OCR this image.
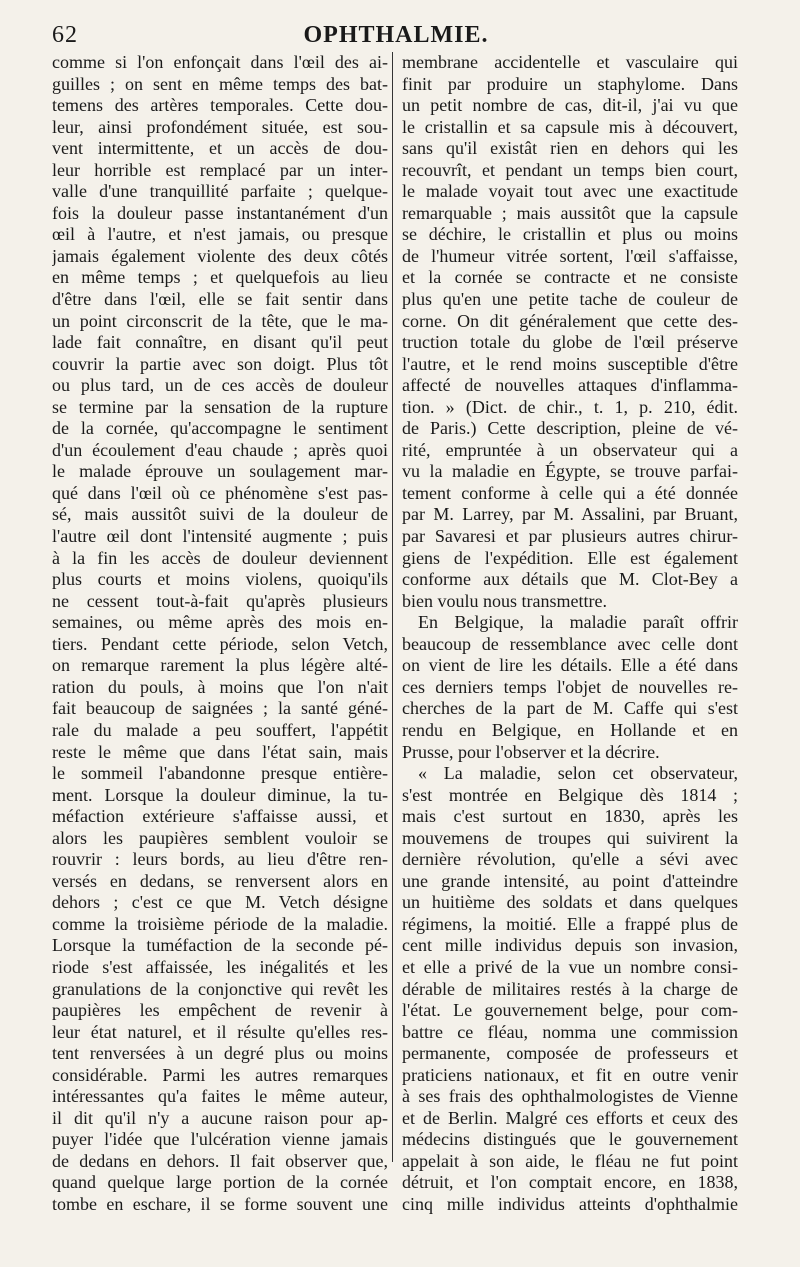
62	OPHTHALMIE.
comme si l'on enfonçait dans l'œil des ai-
guilles ; on sent en même temps des bat-
temens des artères temporales. Cette dou-
leur, ainsi profondément située, est sou-
vent intermittente, et un accès de dou-
leur horrible est remplacé par un inter-
valle d'une tranquillité parfaite ; quelque-
fois la douleur passe instantanément d'un
œil à l'autre, et n'est jamais, ou presque
jamais également violente des deux côtés
en même temps ; et quelquefois au lieu
d'être dans l'œil, elle se fait sentir dans
un point circonscrit de la tête, que le ma-
lade fait connaître, en disant qu'il peut
couvrir la partie avec son doigt. Plus tôt
ou plus tard, un de ces accès de douleur
se termine par la sensation de la rupture
de la cornée, qu'accompagne le sentiment
d'un écoulement d'eau chaude ; après quoi
le malade éprouve un soulagement mar-
qué dans l'œil où ce phénomène s'est pas-
sé, mais aussitôt suivi de la douleur de
l'autre œil dont l'intensité augmente ; puis
à la fin les accès de douleur deviennent
plus courts et moins violens, quoiqu'ils
ne cessent tout-à-fait qu'après plusieurs
semaines, ou même après des mois en-
tiers. Pendant cette période, selon Vetch,
on remarque rarement la plus légère alté-
ration du pouls, à moins que l'on n'ait
fait beaucoup de saignées ; la santé géné-
rale du malade a peu souffert, l'appétit
reste le même que dans l'état sain, mais
le sommeil l'abandonne presque entière-
ment. Lorsque la douleur diminue, la tu-
méfaction extérieure s'affaisse aussi, et
alors les paupières semblent vouloir se
rouvrir : leurs bords, au lieu d'être ren-
versés en dedans, se renversent alors en
dehors ; c'est ce que M. Vetch désigne
comme la troisième période de la maladie.
Lorsque la tuméfaction de la seconde pé-
riode s'est affaissée, les inégalités et les
granulations de la conjonctive qui revêt les
paupières les empêchent de revenir à
leur état naturel, et il résulte qu'elles res-
tent renversées à un degré plus ou moins
considérable. Parmi les autres remarques
intéressantes qu'a faites le même auteur,
il dit qu'il n'y a aucune raison pour ap-
puyer l'idée que l'ulcération vienne jamais
de dedans en dehors. Il fait observer que,
quand quelque large portion de la cornée
tombe en eschare, il se forme souvent une
membrane accidentelle et vasculaire qui
finit par produire un staphylome. Dans
un petit nombre de cas, dit-il, j'ai vu que
le cristallin et sa capsule mis à découvert,
sans qu'il existât rien en dehors qui les
recouvrît, et pendant un temps bien court,
le malade voyait tout avec une exactitude
remarquable ; mais aussitôt que la capsule
se déchire, le cristallin et plus ou moins
de l'humeur vitrée sortent, l'œil s'affaisse,
et la cornée se contracte et ne consiste
plus qu'en une petite tache de couleur de
corne. On dit généralement que cette des-
truction totale du globe de l'œil préserve
l'autre, et le rend moins susceptible d'être
affecté de nouvelles attaques d'inflamma-
tion. » (Dict. de chir., t. 1, p. 210, édit.
de Paris.) Cette description, pleine de vé-
rité, empruntée à un observateur qui a
vu la maladie en Égypte, se trouve parfai-
tement conforme à celle qui a été donnée
par M. Larrey, par M. Assalini, par Bruant,
par Savaresi et par plusieurs autres chirur-
giens de l'expédition. Elle est également
conforme aux détails que M. Clot-Bey a
bien voulu nous transmettre.
En Belgique, la maladie paraît offrir
beaucoup de ressemblance avec celle dont
on vient de lire les détails. Elle a été dans
ces derniers temps l'objet de nouvelles re-
cherches de la part de M. Caffe qui s'est
rendu en Belgique, en Hollande et en
Prusse, pour l'observer et la décrire.
« La maladie, selon cet observateur,
s'est montrée en Belgique dès 1814 ;
mais c'est surtout en 1830, après les
mouvemens de troupes qui suivirent la
dernière révolution, qu'elle a sévi avec
une grande intensité, au point d'atteindre
un huitième des soldats et dans quelques
régimens, la moitié. Elle a frappé plus de
cent mille individus depuis son invasion,
et elle a privé de la vue un nombre consi-
dérable de militaires restés à la charge de
l'état. Le gouvernement belge, pour com-
battre ce fléau, nomma une commission
permanente, composée de professeurs et
praticiens nationaux, et fit en outre venir
à ses frais des ophthalmologistes de Vienne
et de Berlin. Malgré ces efforts et ceux des
médecins distingués que le gouvernement
appelait à son aide, le fléau ne fut point
détruit, et l'on comptait encore, en 1838,
cinq mille individus atteints d'ophthalmie
